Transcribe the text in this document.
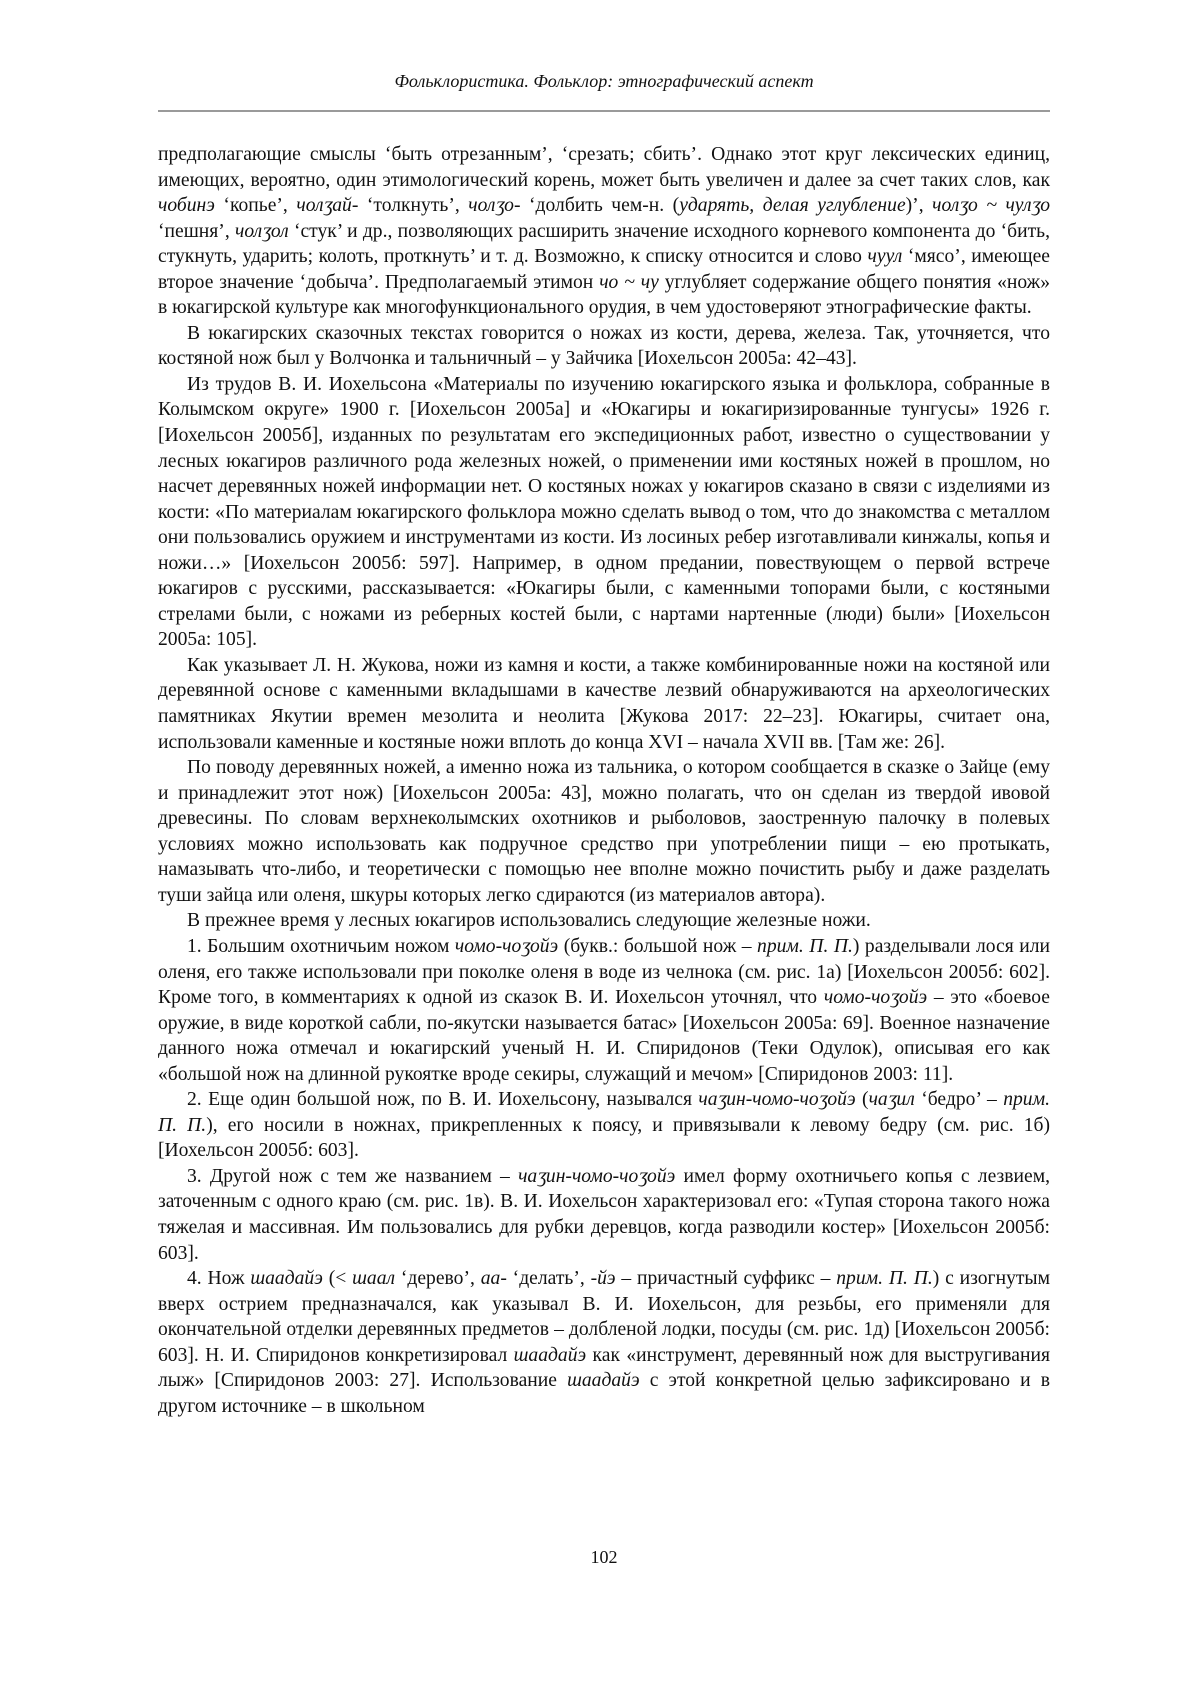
Фольклористика. Фольклор: этнографический аспект

предполагающие смыслы ‘быть отрезанным’, ‘срезать; сбить’. Однако этот круг лексических единиц, имеющих, вероятно, один этимологический корень, может быть увеличен и далее за счет таких слов, как чобинэ ‘копье’, чолӡай- ‘толкнуть’, чолӡо- ‘долбить чем-н. (ударять, делая углубление)’, чолӡо ~ чулӡо ‘пешня’, чолӡол ‘стук’ и др., позволяющих расширить значение исходного корневого компонента до ‘бить, стукнуть, ударить; колоть, проткнуть’ и т. д. Возможно, к списку относится и слово чуул ‘мясо’, имеющее второе значение ‘добыча’. Предполагаемый этимон чо ~ чу углубляет содержание общего понятия «нож» в юкагирской культуре как многофункционального орудия, в чем удостоверяют этнографические факты.

В юкагирских сказочных текстах говорится о ножах из кости, дерева, железа. Так, уточняется, что костяной нож был у Волчонка и тальничный – у Зайчика [Иохельсон 2005а: 42–43].

Из трудов В. И. Иохельсона «Материалы по изучению юкагирского языка и фольклора, собранные в Колымском округе» 1900 г. [Иохельсон 2005а] и «Юкагиры и юкагиризированные тунгусы» 1926 г. [Иохельсон 2005б], изданных по результатам его экспедиционных работ, известно о существовании у лесных юкагиров различного рода железных ножей, о применении ими костяных ножей в прошлом, но насчет деревянных ножей информации нет. О костяных ножах у юкагиров сказано в связи с изделиями из кости: «По материалам юкагирского фольклора можно сделать вывод о том, что до знакомства с металлом они пользовались оружием и инструментами из кости. Из лосиных ребер изготавливали кинжалы, копья и ножи…» [Иохельсон 2005б: 597]. Например, в одном предании, повествующем о первой встрече юкагиров с русскими, рассказывается: «Юкагиры были, с каменными топорами были, с костяными стрелами были, с ножами из реберных костей были, с нартами нартенные (люди) были» [Иохельсон 2005а: 105].

Как указывает Л. Н. Жукова, ножи из камня и кости, а также комбинированные ножи на костяной или деревянной основе с каменными вкладышами в качестве лезвий обнаруживаются на археологических памятниках Якутии времен мезолита и неолита [Жукова 2017: 22–23]. Юкагиры, считает она, использовали каменные и костяные ножи вплоть до конца XVI – начала XVII вв. [Там же: 26].

По поводу деревянных ножей, а именно ножа из тальника, о котором сообщается в сказке о Зайце (ему и принадлежит этот нож) [Иохельсон 2005а: 43], можно полагать, что он сделан из твердой ивовой древесины. По словам верхнеколымских охотников и рыболовов, заостренную палочку в полевых условиях можно использовать как подручное средство при употреблении пищи – ею протыкать, намазывать что-либо, и теоретически с помощью нее вполне можно почистить рыбу и даже разделать туши зайца или оленя, шкуры которых легко сдираются (из материалов автора).

В прежнее время у лесных юкагиров использовались следующие железные ножи.

1. Большим охотничьим ножом чомо-чоӡойэ (букв.: большой нож – прим. П. П.) разделывали лося или оленя, его также использовали при поколке оленя в воде из челнока (см. рис. 1а) [Иохельсон 2005б: 602]. Кроме того, в комментариях к одной из сказок В. И. Иохельсон уточнял, что чомо-чоӡойэ – это «боевое оружие, в виде короткой сабли, по-якутски называется батас» [Иохельсон 2005а: 69]. Военное назначение данного ножа отмечал и юкагирский ученый Н. И. Спиридонов (Теки Одулок), описывая его как «большой нож на длинной рукоятке вроде секиры, служащий и мечом» [Спиридонов 2003: 11].

2. Еще один большой нож, по В. И. Иохельсону, назывался чаӡин-чомо-чоӡойэ (чаӡил ‘бедро’ – прим. П. П.), его носили в ножнах, прикрепленных к поясу, и привязывали к левому бедру (см. рис. 1б) [Иохельсон 2005б: 603].

3. Другой нож с тем же названием – чаӡин-чомо-чоӡойэ имел форму охотничьего копья с лезвием, заточенным с одного краю (см. рис. 1в). В. И. Иохельсон характеризовал его: «Тупая сторона такого ножа тяжелая и массивная. Им пользовались для рубки деревцов, когда разводили костер» [Иохельсон 2005б: 603].

4. Нож шаадайэ (< шаал ‘дерево’, аа- ‘делать’, -йэ – причастный суффикс – прим. П. П.) с изогнутым вверх острием предназначался, как указывал В. И. Иохельсон, для резьбы, его применяли для окончательной отделки деревянных предметов – долбленой лодки, посуды (см. рис. 1д) [Иохельсон 2005б: 603]. Н. И. Спиридонов конкретизировал шаадайэ как «инструмент, деревянный нож для выстругивания лыж» [Спиридонов 2003: 27]. Использование шаадайэ с этой конкретной целью зафиксировано и в другом источнике – в школьном

102
